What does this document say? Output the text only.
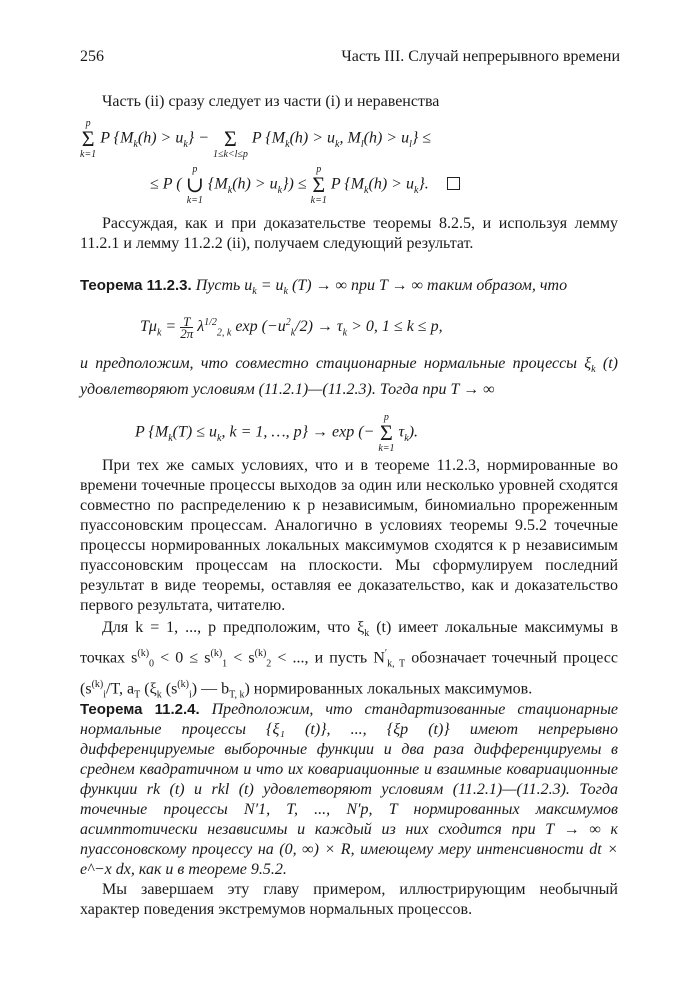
256	Часть III. Случай непрерывного времени
Часть (ii) сразу следует из части (i) и неравенства
p
Σ
k=1
P $\{M_k(h) > u_k\}$ −
Σ
1≤k<l≤p
P {$M_k(h) > u_k$, $M_l(h) > u_l$} ≤
≤ P (
p
∪
k=1
$\{M_k(h) > u_k\}$) ≤
p
Σ
k=1
P $\{M_k(h) > u_k\}$.
Рассуждая, как и при доказательстве теоремы 8.2.5, и используя лемму 11.2.1 и лемму 11.2.2 (ii), получаем следующий результат.
Теорема 11.2.3. Пусть $u_k = u_k$ (T) → ∞ при T → ∞ таким образом, что
$T\mu_k = \frac{T}{2\pi} \lambda^{1/2}_{2, k}$ $\exp (-u^2_k/2) \to \tau_k > 0$, 1 ≤ k ≤ p,
и предположим, что совместно стационарные нормальные процессы $\xi_k$ (t) удовлетворяют условиям (11.2.1)—(11.2.3). Тогда при T → ∞
P {$M_k(T) \le u_k$, k = 1, …, p} → exp (−
p
Σ
k=1
$\tau_k$).
При тех же самых условиях, что и в теореме 11.2.3, нормированные во времени точечные процессы выходов за один или несколько уровней сходятся совместно по распределению к p независимым, биномиально прореженным пуассоновским процессам. Аналогично в условиях теоремы 9.5.2 точечные процессы нормированных локальных максимумов сходятся к p независимым пуассоновским процессам на плоскости. Мы сформулируем последний результат в виде теоремы, оставляя ее доказательство, как и доказательство первого результата, читателю.
Для k = 1, ..., p предположим, что $\xi_k$ (t) имеет локальные максимумы в точках $s^{(k)}_0 < 0 \le s^{(k)}_1 < s^{(k)}_2$ < ..., и пусть $N'_{k, T}$ обозначает точечный процесс ($s^{(k)}_i/T$, $a_T$ ($\xi_k$ $(s^{(k)}_i)$ — $b_{T, k}$) нормированных локальных максимумов.
Теорема 11.2.4. Предположим, что стандартизованные стационарные нормальные процессы {ξ₁ (t)}, ..., {ξp (t)} имеют непрерывно дифференцируемые выборочные функции и два раза дифференцируемы в среднем квадратичном и что их ковариационные и взаимные ковариационные функции rk (t) и rkl (t) удовлетворяют условиям (11.2.1)—(11.2.3). Тогда точечные процессы N′1, T, ..., N′p, T нормированных максимумов асимптотически независимы и каждый из них сходится при T → ∞ к пуассоновскому процессу на (0, ∞) × R, имеющему меру интенсивности dt × e^−x dx, как и в теореме 9.5.2.
Мы завершаем эту главу примером, иллюстрирующим необычный характер поведения экстремумов нормальных процессов.
